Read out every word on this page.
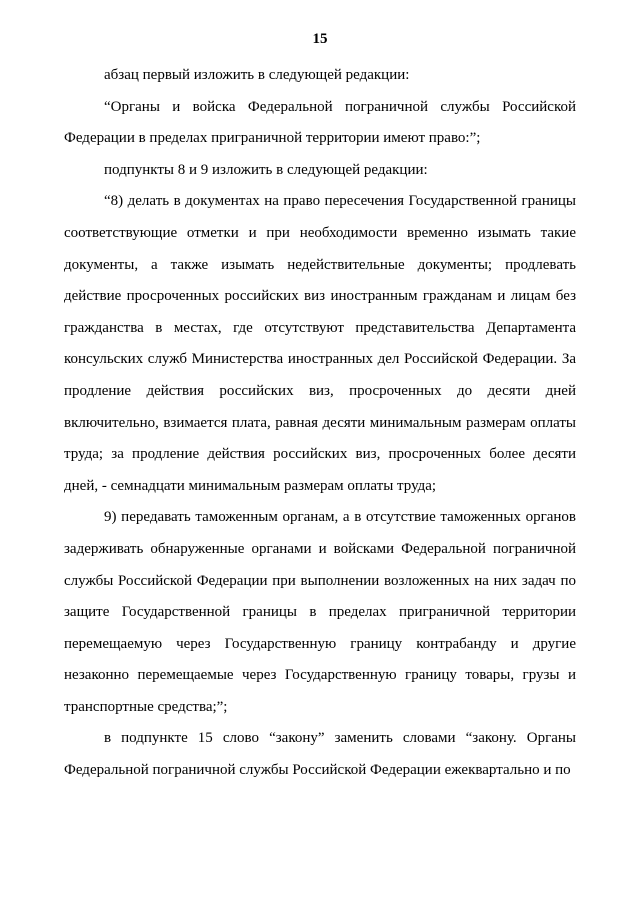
15

абзац первый изложить в следующей редакции:

“Органы и войска Федеральной пограничной службы Российской Федерации в пределах приграничной территории имеют право:”;

подпункты 8 и 9 изложить в следующей редакции:

“8) делать в документах на право пересечения Государственной границы соответствующие отметки и при необходимости временно изымать такие документы, а также изымать недействительные документы; продлевать действие просроченных российских виз иностранным гражданам и лицам без гражданства в местах, где отсутствуют представительства Департамента консульских служб Министерства иностранных дел Российской Федерации. За продление действия российских виз, просроченных до десяти дней включительно, взимается плата, равная десяти минимальным размерам оплаты труда; за продление действия российских виз, просроченных более десяти дней, - семнадцати минимальным размерам оплаты труда;

9) передавать таможенным органам, а в отсутствие таможенных органов задерживать обнаруженные органами и войсками Федеральной пограничной службы Российской Федерации при выполнении возложенных на них задач по защите Государственной границы в пределах приграничной территории перемещаемую через Государственную границу контрабанду и другие незаконно перемещаемые через Государственную границу товары, грузы и транспортные средства;”;

в подпункте 15 слово “закону” заменить словами “закону. Органы Федеральной пограничной службы Российской Федерации ежеквартально и по
